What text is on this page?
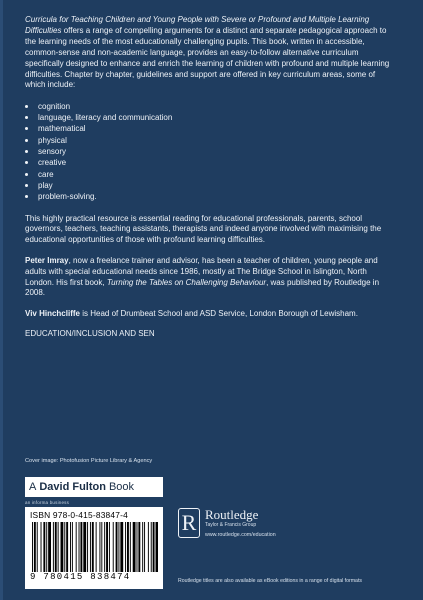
Curricula for Teaching Children and Young People with Severe or Profound and Multiple Learning Difficulties offers a range of compelling arguments for a distinct and separate pedagogical approach to the learning needs of the most educationally challenging pupils. This book, written in accessible, common-sense and non-academic language, provides an easy-to-follow alternative curriculum specifically designed to enhance and enrich the learning of children with profound and multiple learning difficulties. Chapter by chapter, guidelines and support are offered in key curriculum areas, some of which include:

cognition
language, literacy and communication
mathematical
physical
sensory
creative
care
play
problem-solving.

This highly practical resource is essential reading for educational professionals, parents, school governors, teachers, teaching assistants, therapists and indeed anyone involved with maximising the educational opportunities of those with profound learning difficulties.

Peter Imray, now a freelance trainer and advisor, has been a teacher of children, young people and adults with special educational needs since 1986, mostly at The Bridge School in Islington, North London. His first book, Turning the Tables on Challenging Behaviour, was published by Routledge in 2008.

Viv Hinchcliffe is Head of Drumbeat School and ASD Service, London Borough of Lewisham.

EDUCATION/INCLUSION AND SEN

Cover image: Photofusion Picture Library & Agency
A David Fulton Book
an informa business
ISBN 978-0-415-83847-4
9 780415 838474
R Routledge
Taylor & Francis Group
www.routledge.com/education
Routledge titles are also available as eBook editions in a range of digital formats
